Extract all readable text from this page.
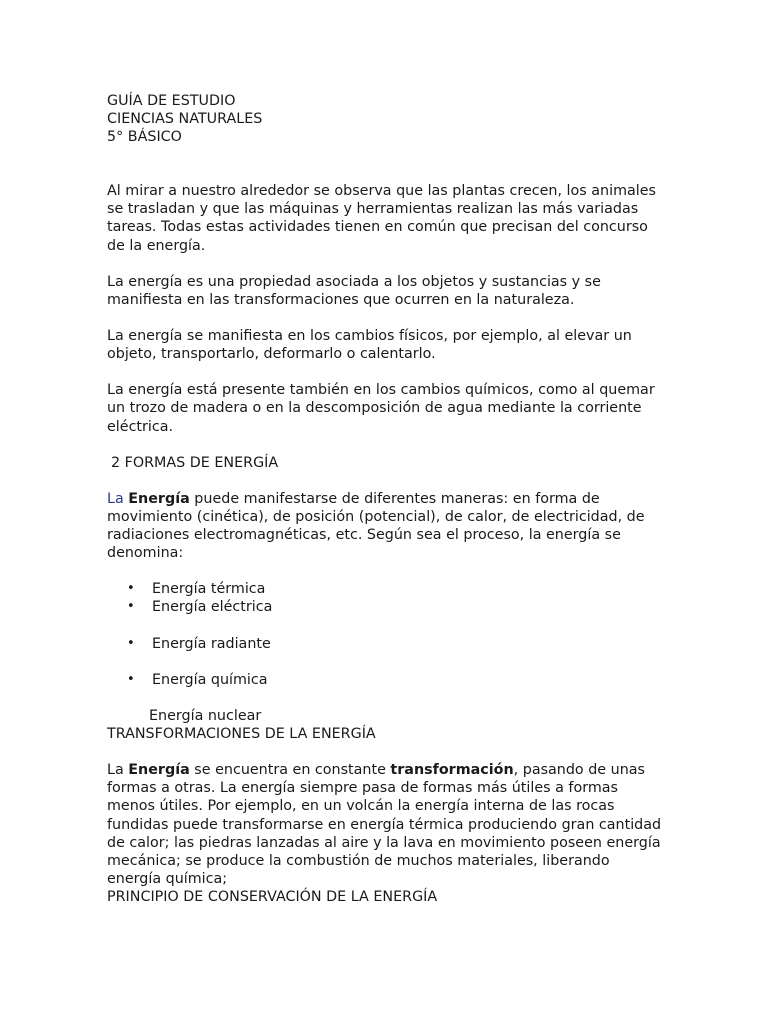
GUÍA DE ESTUDIO

CIENCIAS NATURALES

5° BÁSICO

Al mirar a nuestro alrededor se observa que las plantas crecen, los animales se trasladan y que las máquinas y herramientas realizan las más variadas tareas. Todas estas actividades tienen en común que precisan del concurso de la energía.

La energía es una propiedad asociada a los objetos y sustancias y se manifiesta en las transformaciones que ocurren en la naturaleza.

La energía se manifiesta en los cambios físicos, por ejemplo, al elevar un objeto, transportarlo, deformarlo o calentarlo.

La energía está presente también en los cambios químicos, como al quemar un trozo de madera o en la descomposición de agua mediante la corriente eléctrica.

2 FORMAS DE ENERGÍA

La Energía puede manifestarse de diferentes maneras: en forma de movimiento (cinética), de posición (potencial), de calor, de electricidad, de radiaciones electromagnéticas, etc. Según sea el proceso, la energía se denomina:

• Energía térmica
• Energía eléctrica
• Energía radiante
• Energía química

Energía nuclear

TRANSFORMACIONES DE LA ENERGÍA

La Energía se encuentra en constante transformación, pasando de unas formas a otras. La energía siempre pasa de formas más útiles a formas menos útiles. Por ejemplo, en un volcán la energía interna de las rocas fundidas puede transformarse en energía térmica produciendo gran cantidad de calor; las piedras lanzadas al aire y la lava en movimiento poseen energía mecánica; se produce la combustión de muchos materiales, liberando energía química;

PRINCIPIO DE CONSERVACIÓN DE LA ENERGÍA
